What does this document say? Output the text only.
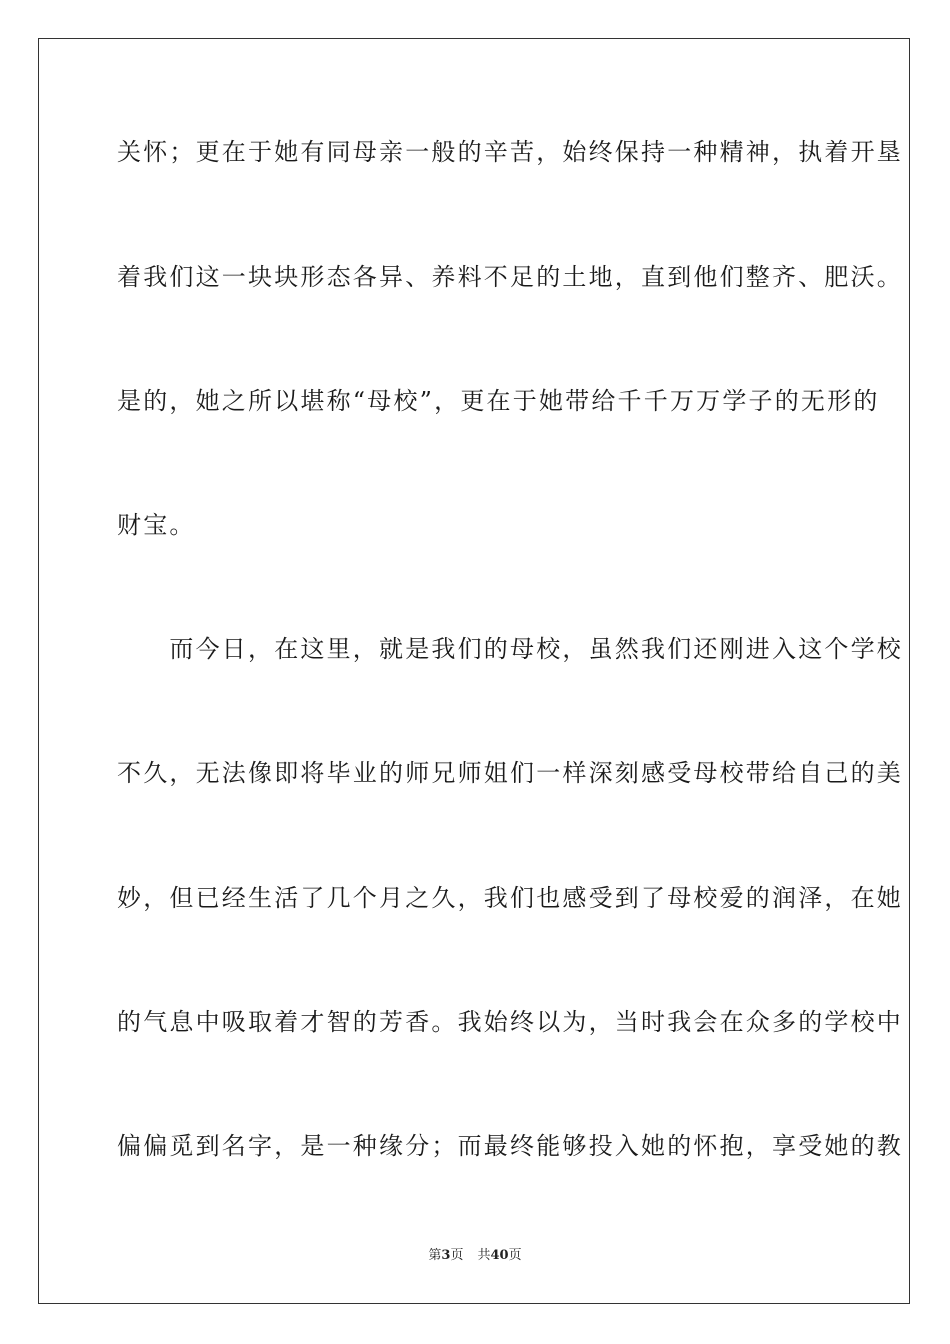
关怀；更在于她有同母亲一般的辛苦，始终保持一种精神，执着开垦
着我们这一块块形态各异、养料不足的土地，直到他们整齐、肥沃。
是的，她之所以堪称“母校”，更在于她带给千千万万学子的无形的
财宝。
　　而今日，在这里，就是我们的母校，虽然我们还刚进入这个学校
不久，无法像即将毕业的师兄师姐们一样深刻感受母校带给自己的美
妙，但已经生活了几个月之久，我们也感受到了母校爱的润泽，在她
的气息中吸取着才智的芳香。我始终以为，当时我会在众多的学校中
偏偏觅到名字，是一种缘分；而最终能够投入她的怀抱，享受她的教
第3页 共40页
